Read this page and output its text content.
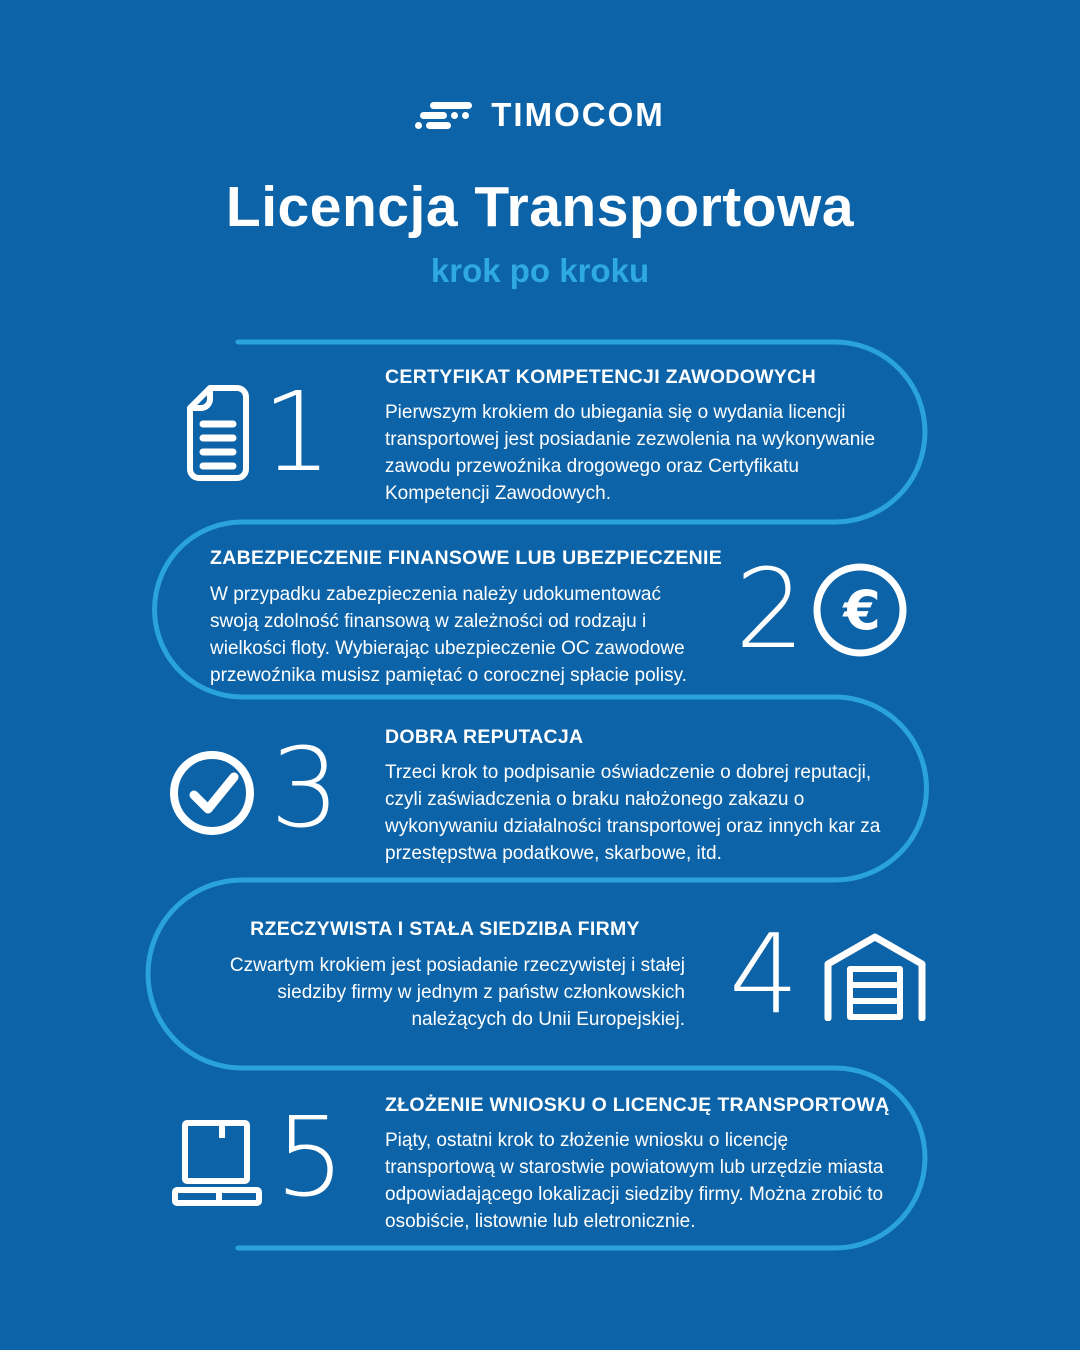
TIMOCOM
Licencja Transportowa
krok po kroku
1	CERTYFIKAT KOMPETENCJI ZAWODOWYCH
Pierwszym krokiem do ubiegania się o wydania licencji transportowej jest posiadanie zezwolenia na wykonywanie zawodu przewoźnika drogowego oraz Certyfikatu Kompetencji Zawodowych.
ZABEZPIECZENIE FINANSOWE LUB UBEZPIECZENIE
W przypadku zabezpieczenia należy udokumentować swoją zdolność finansową w zależności od rodzaju i wielkości floty. Wybierając ubezpieczenie OC zawodowe przewoźnika musisz pamiętać o corocznej spłacie polisy.
2 €
3	DOBRA REPUTACJA
Trzeci krok to podpisanie oświadczenie o dobrej reputacji, czyli zaświadczenia o braku nałożonego zakazu o wykonywaniu działalności transportowej oraz innych kar za przestępstwa podatkowe, skarbowe, itd.
RZECZYWISTA I STAŁA SIEDZIBA FIRMY
Czwartym krokiem jest posiadanie rzeczywistej i stałej siedziby firmy w jednym z państw członkowskich należących do Unii Europejskiej. 4
5	ZŁOŻENIE WNIOSKU O LICENCJĘ TRANSPORTOWĄ
Piąty, ostatni krok to złożenie wniosku o licencję transportową w starostwie powiatowym lub urzędzie miasta odpowiadającego lokalizacji siedziby firmy. Można zrobić to osobiście, listownie lub eletronicznie.
